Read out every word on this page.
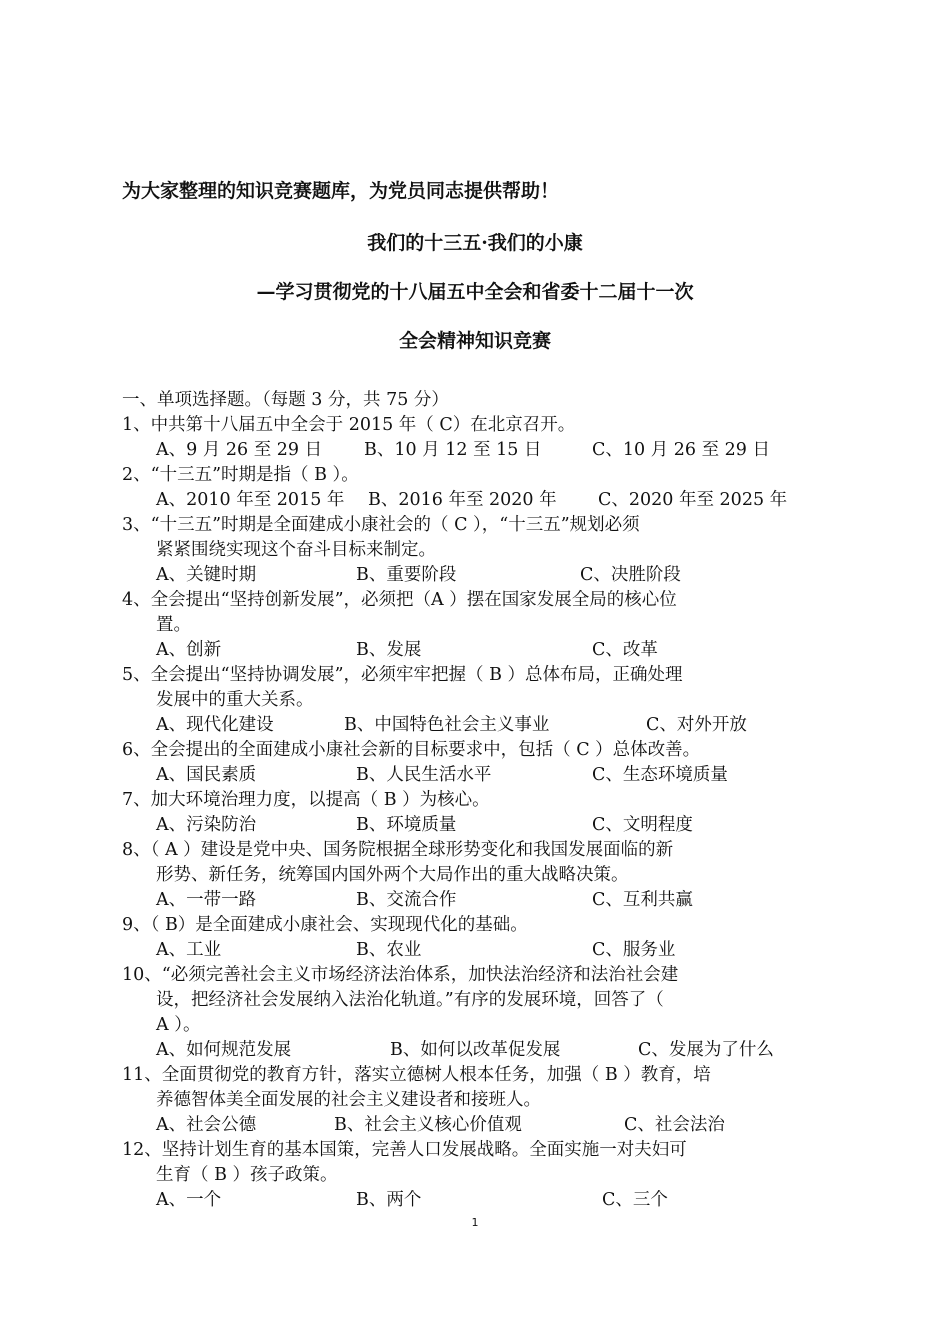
为大家整理的知识竞赛题库，为党员同志提供帮助！
我们的十三五·我们的小康
—学习贯彻党的十八届五中全会和省委十二届十一次
全会精神知识竞赛
一、单项选择题。（每题 3 分，共 75 分）
1、中共第十八届五中全会于 2015 年（ C）在北京召开。
A、9 月 26 至 29 日 B、10 月 12 至 15 日	C、10 月 26 至 29 日
2、“十三五”时期是指（ B ）。
A、2010 年至 2015 年 B、2016 年至 2020 年 C、2020 年至 2025 年
3、“十三五”时期是全面建成小康社会的（ C ），“十三五”规划必须
紧紧围绕实现这个奋斗目标来制定。
A、关键时期	B、重要阶段	C、决胜阶段
4、全会提出“坚持创新发展”，必须把（A ）摆在国家发展全局的核心位
置。
A、创新	B、发展	C、改革
5、全会提出“坚持协调发展”，必须牢牢把握（ B ）总体布局，正确处理
发展中的重大关系。
A、现代化建设	B、中国特色社会主义事业	C、对外开放
6、全会提出的全面建成小康社会新的目标要求中，包括（ C ）总体改善。
A、国民素质	B、人民生活水平	C、生态环境质量
7、加大环境治理力度，以提高（ B ）为核心。
A、污染防治	B、环境质量	C、文明程度
8、（ A ）建设是党中央、国务院根据全球形势变化和我国发展面临的新
形势、新任务，统筹国内国外两个大局作出的重大战略决策。
A、一带一路	B、交流合作	C、互利共赢
9、（ B）是全面建成小康社会、实现现代化的基础。
A、工业	B、农业	C、服务业
10、“必须完善社会主义市场经济法治体系，加快法治经济和法治社会建
设，把经济社会发展纳入法治化轨道。”有序的发展环境，回答了（
A ）。
A、如何规范发展	B、如何以改革促发展	C、发展为了什么
11、全面贯彻党的教育方针，落实立德树人根本任务，加强（ B ）教育，培
养德智体美全面发展的社会主义建设者和接班人。
A、社会公德	B、社会主义核心价值观	C、社会法治
12、坚持计划生育的基本国策，完善人口发展战略。全面实施一对夫妇可
生育（ B ）孩子政策。
A、一个	B、两个	C、三个
1
